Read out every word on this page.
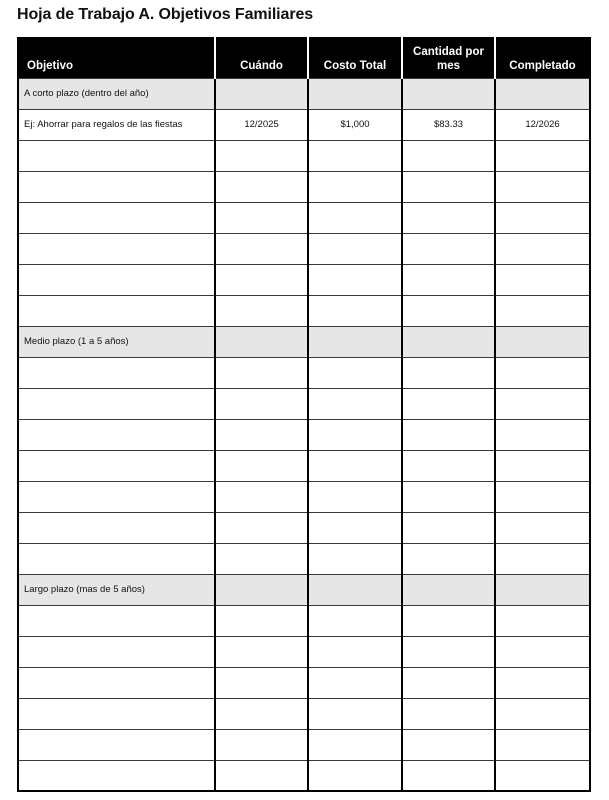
Hoja de Trabajo A. Objetivos Familiares
Objetivo	Cuándo	Costo Total	Cantidad por mes	Completado
A corto plazo (dentro del año)				
Ej: Ahorrar para regalos de las fiestas	12/2025	$1,000	$83.33	12/2026

Medio plazo (1 a 5 años)				

Largo plazo (mas de 5 años)				
